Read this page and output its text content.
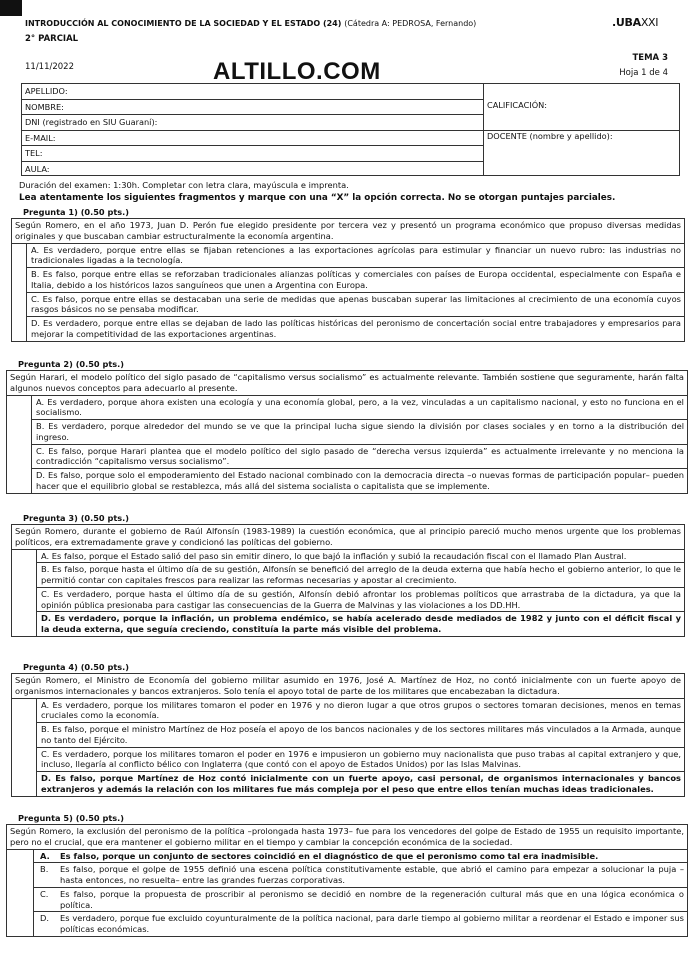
INTRODUCCIÓN AL CONOCIMIENTO DE LA SOCIEDAD Y EL ESTADO (24) (Cátedra A: PEDROSA, Fernando)
2° PARCIAL
.UBAXXI
11/11/2022	ALTILLO.COM	TEMA 3
Hoja 1 de 4
APELLIDO:
NOMBRE:
DNI (registrado en SIU Guaraní):
E-MAIL:
TEL:
AULA:
CALIFICACIÓN:
DOCENTE (nombre y apellido):
Duración del examen: 1:30h. Completar con letra clara, mayúscula e imprenta.
Lea atentamente los siguientes fragmentos y marque con una “X” la opción correcta. No se otorgan puntajes parciales.
Pregunta 1) (0.50 pts.)
Según Romero, en el año 1973, Juan D. Perón fue elegido presidente por tercera vez y presentó un programa económico que propuso diversas medidas originales y que buscaban cambiar estructuralmente la economía argentina.
A. Es verdadero, porque entre ellas se fijaban retenciones a las exportaciones agrícolas para estimular y financiar un nuevo rubro: las industrias no tradicionales ligadas a la tecnología.
B. Es falso, porque entre ellas se reforzaban tradicionales alianzas políticas y comerciales con países de Europa occidental, especialmente con España e Italia, debido a los históricos lazos sanguíneos que unen a Argentina con Europa.
C. Es falso, porque entre ellas se destacaban una serie de medidas que apenas buscaban superar las limitaciones al crecimiento de una economía cuyos rasgos básicos no se pensaba modificar.
D. Es verdadero, porque entre ellas se dejaban de lado las políticas históricas del peronismo de concertación social entre trabajadores y empresarios para mejorar la competitividad de las exportaciones argentinas.
Pregunta 2) (0.50 pts.)
Según Harari, el modelo político del siglo pasado de “capitalismo versus socialismo” es actualmente relevante. También sostiene que seguramente, harán falta algunos nuevos conceptos para adecuarlo al presente.
A. Es verdadero, porque ahora existen una ecología y una economía global, pero, a la vez, vinculadas a un capitalismo nacional, y esto no funciona en el socialismo.
B. Es verdadero, porque alrededor del mundo se ve que la principal lucha sigue siendo la división por clases sociales y en torno a la distribución del ingreso.
C. Es falso, porque Harari plantea que el modelo político del siglo pasado de “derecha versus izquierda” es actualmente irrelevante y no menciona la contradicción “capitalismo versus socialismo”.
D. Es falso, porque solo el empoderamiento del Estado nacional combinado con la democracia directa –o nuevas formas de participación popular– pueden hacer que el equilibrio global se restablezca, más allá del sistema socialista o capitalista que se implemente.
Pregunta 3) (0.50 pts.)
Según Romero, durante el gobierno de Raúl Alfonsín (1983-1989) la cuestión económica, que al principio pareció mucho menos urgente que los problemas políticos, era extremadamente grave y condicionó las políticas del gobierno.
A. Es falso, porque el Estado salió del paso sin emitir dinero, lo que bajó la inflación y subió la recaudación fiscal con el llamado Plan Austral.
B. Es falso, porque hasta el último día de su gestión, Alfonsín se benefició del arreglo de la deuda externa que había hecho el gobierno anterior, lo que le permitió contar con capitales frescos para realizar las reformas necesarias y apostar al crecimiento.
C. Es verdadero, porque hasta el último día de su gestión, Alfonsín debió afrontar los problemas políticos que arrastraba de la dictadura, ya que la opinión pública presionaba para castigar las consecuencias de la Guerra de Malvinas y las violaciones a los DD.HH.
D. Es verdadero, porque la inflación, un problema endémico, se había acelerado desde mediados de 1982 y junto con el déficit fiscal y la deuda externa, que seguía creciendo, constituía la parte más visible del problema.
Pregunta 4) (0.50 pts.)
Según Romero, el Ministro de Economía del gobierno militar asumido en 1976, José A. Martínez de Hoz, no contó inicialmente con un fuerte apoyo de organismos internacionales y bancos extranjeros. Solo tenía el apoyo total de parte de los militares que encabezaban la dictadura.
A. Es verdadero, porque los militares tomaron el poder en 1976 y no dieron lugar a que otros grupos o sectores tomaran decisiones, menos en temas cruciales como la economía.
B. Es falso, porque el ministro Martínez de Hoz poseía el apoyo de los bancos nacionales y de los sectores militares más vinculados a la Armada, aunque no tanto del Ejército.
C. Es verdadero, porque los militares tomaron el poder en 1976 e impusieron un gobierno muy nacionalista que puso trabas al capital extranjero y que, incluso, llegaría al conflicto bélico con Inglaterra (que contó con el apoyo de Estados Unidos) por las Islas Malvinas.
D. Es falso, porque Martínez de Hoz contó inicialmente con un fuerte apoyo, casi personal, de organismos internacionales y bancos extranjeros y además la relación con los militares fue más compleja por el peso que entre ellos tenían muchas ideas tradicionales.
Pregunta 5) (0.50 pts.)
Según Romero, la exclusión del peronismo de la política –prolongada hasta 1973– fue para los vencedores del golpe de Estado de 1955 un requisito importante, pero no el crucial, que era mantener el gobierno militar en el tiempo y cambiar la concepción económica de la sociedad.
A.	Es falso, porque un conjunto de sectores coincidió en el diagnóstico de que el peronismo como tal era inadmisible.
B.	Es falso, porque el golpe de 1955 definió una escena política constitutivamente estable, que abrió el camino para empezar a solucionar la puja –hasta entonces, no resuelta– entre las grandes fuerzas corporativas.
C.	Es falso, porque la propuesta de proscribir al peronismo se decidió en nombre de la regeneración cultural más que en una lógica económica o política.
D.	Es verdadero, porque fue excluido coyunturalmente de la política nacional, para darle tiempo al gobierno militar a reordenar el Estado e imponer sus políticas económicas.
